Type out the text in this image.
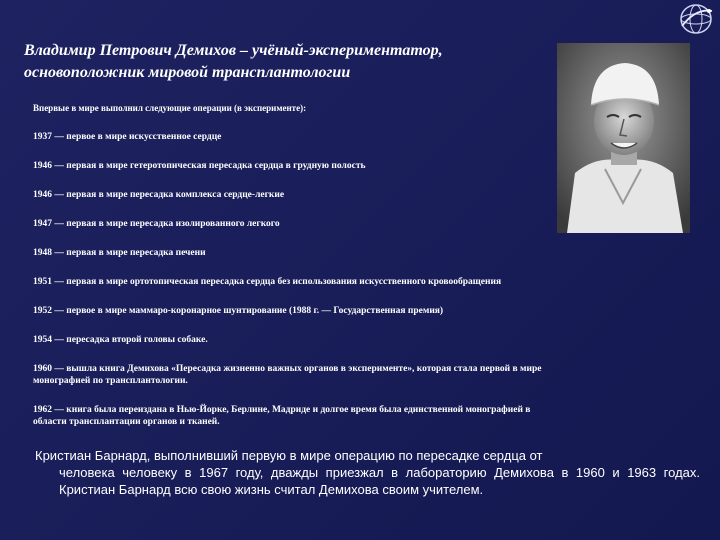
Владимир Петрович Демихов – учёный-экспериментатор,
основоположник мировой трансплантологии
Впервые в мире выполнил следующие операции (в эксперименте):
1937 — первое в мире искусственное сердце
1946 — первая в мире гетеротопическая пересадка сердца в грудную полость
1946 — первая в мире пересадка комплекса сердце-легкие
1947 — первая в мире пересадка изолированного легкого
1948 — первая в мире пересадка печени
1951 — первая в мире ортотопическая пересадка сердца без использования искусственного кровообращения
1952 — первое в мире маммаро-коронарное шунтирование (1988 г. — Государственная премия)
1954 — пересадка второй головы собаке.
1960 — вышла книга Демихова «Пересадка жизненно важных органов в эксперименте», которая стала первой в мире
монографией по трансплантологии.
1962 — книга была переиздана в Нью-Йорке, Берлине, Мадриде и долгое время была единственной монографией в
области трансплантации органов и тканей.
Кристиан Барнард, выполнивший первую в мире операцию по пересадке сердца от
человека человеку в 1967 году, дважды приезжал в лабораторию Демихова в 1960 и 1963 годах. Кристиан Барнард всю свою жизнь считал Демихова своим учителем.
